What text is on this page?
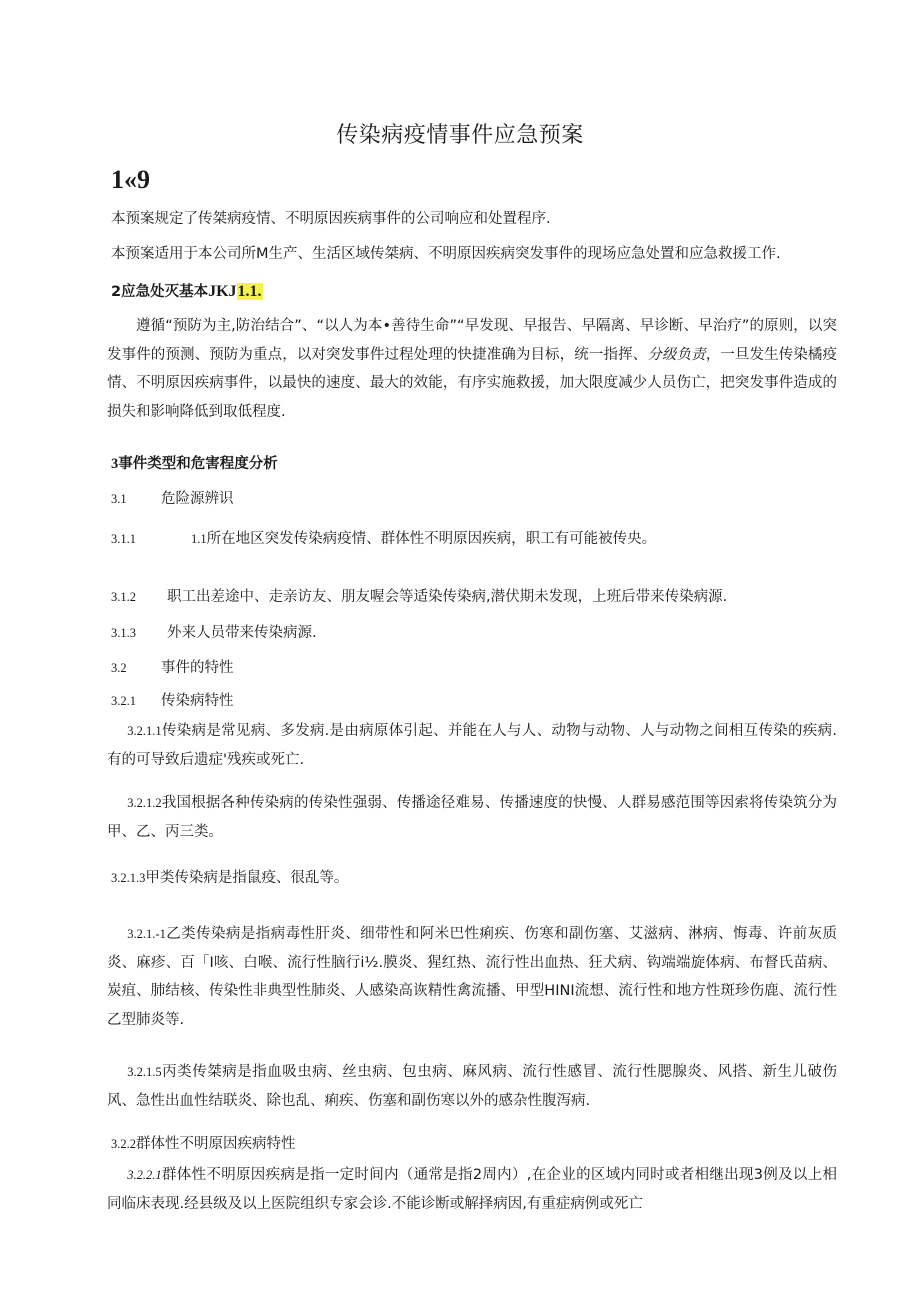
传染病疫情事件应急预案
1«9
本预案规定了传桀病疫情、不明原因疾病事件的公司响应和处置程序.
本预案适用于本公司所M生产、生活区域传桀病、不明原因疾病突发事件的现场应急处置和应急救援工作.
2应急处灭基本JKJ1.1.
遵循“预防为主,防治结合”、“以人为本•善待生命”“早发现、早报告、早隔离、早诊断、早治疗”的原则，以突发事件的预测、预防为重点，以对突发事件过程处理的快捷准确为目标，统一指挥、分级负责，一旦发生传染橘疫情、不明原因疾病事件，以最快的速度、最大的效能，有序实施救援，加大限度减少人员伤亡，把突发事件造成的损失和影响降低到取低程度.
3事件类型和危害程度分析
3.1 危险源辨识
3.1.1	1.1所在地区突发传染病疫情、群体性不明原因疾病，职工有可能被传央。
3.1.2 职工出差途中、走亲访友、朋友喔会等适染传染病,潜伏期未发现，上班后带来传染病源.
3.1.3 外来人员带来传染病源.
3.2 事件的特性
3.2.1 传染病特性
3.2.1.1传染病是常见病、多发病.是由病原体引起、并能在人与人、动物与动物、人与动物之间相互传染的疾病.有的可导致后遗症'残疾或死亡.
3.2.1.2我国根据各种传染病的传染性强弱、传播途径难易、传播速度的快慢、人群易感范围等因索将传染筑分为甲、乙、丙三类。
3.2.1.3甲类传染病是指鼠疫、很乱等。
3.2.1.-1乙类传染病是指病毒性肝炎、细带性和阿米巴性痢疾、伤寒和副伤塞、艾滋病、淋病、悔毒、许前灰质炎、麻疹、百「I咳、白喉、流行性脑行i½.膜炎、猩红热、流行性出血热、狂犬病、钩端端旋体病、布督氏苗病、炭疽、肺结核、传染性非典型性肺炎、人感染高诙精性禽流播、甲型HINI流想、流行性和地方性斑珍伤鹿、流行性乙型肺炎等.
3.2.1.5丙类传桀病是指血吸虫病、丝虫病、包虫病、麻风病、流行性感冒、流行性腮腺炎、风搭、新生儿破伤风、急性出血性结联炎、除也乱、痢疾、伤塞和副伤寒以外的感杂性腹泻病.
3.2.2群体性不明原因疾病特性
3.2.2.1群体性不明原因疾病是指一定时间内（通常是指2周内）,在企业的区域内同时或者相继出现3例及以上相同临床表现.经县级及以上医院组织专家会诊.不能诊断或解择病因,有重症病例或死亡
